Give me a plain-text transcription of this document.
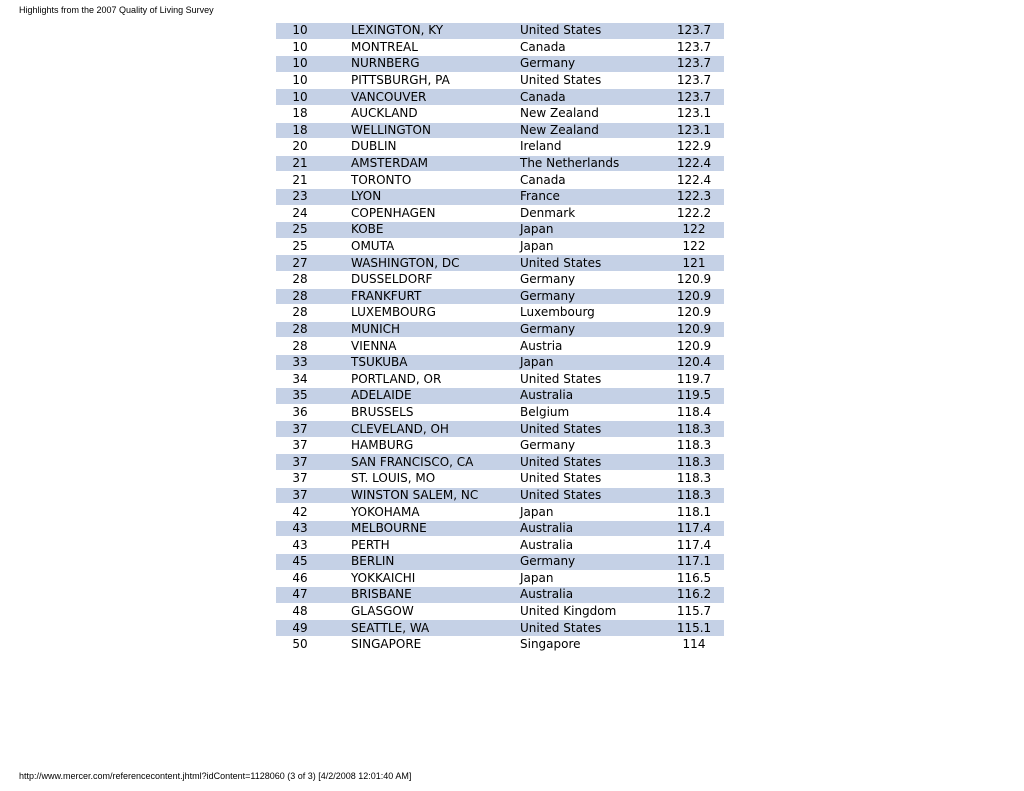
Highlights from the 2007 Quality of Living Survey
10	LEXINGTON, KY	United States	123.7
10	MONTREAL	Canada	123.7
10	NURNBERG	Germany	123.7
10	PITTSBURGH, PA	United States	123.7
10	VANCOUVER	Canada	123.7
18	AUCKLAND	New Zealand	123.1
18	WELLINGTON	New Zealand	123.1
20	DUBLIN	Ireland	122.9
21	AMSTERDAM	The Netherlands	122.4
21	TORONTO	Canada	122.4
23	LYON	France	122.3
24	COPENHAGEN	Denmark	122.2
25	KOBE	Japan	122
25	OMUTA	Japan	122
27	WASHINGTON, DC	United States	121
28	DUSSELDORF	Germany	120.9
28	FRANKFURT	Germany	120.9
28	LUXEMBOURG	Luxembourg	120.9
28	MUNICH	Germany	120.9
28	VIENNA	Austria	120.9
33	TSUKUBA	Japan	120.4
34	PORTLAND, OR	United States	119.7
35	ADELAIDE	Australia	119.5
36	BRUSSELS	Belgium	118.4
37	CLEVELAND, OH	United States	118.3
37	HAMBURG	Germany	118.3
37	SAN FRANCISCO, CA	United States	118.3
37	ST. LOUIS, MO	United States	118.3
37	WINSTON SALEM, NC	United States	118.3
42	YOKOHAMA	Japan	118.1
43	MELBOURNE	Australia	117.4
43	PERTH	Australia	117.4
45	BERLIN	Germany	117.1
46	YOKKAICHI	Japan	116.5
47	BRISBANE	Australia	116.2
48	GLASGOW	United Kingdom	115.7
49	SEATTLE, WA	United States	115.1
50	SINGAPORE	Singapore	114
http://www.mercer.com/referencecontent.jhtml?idContent=1128060 (3 of 3) [4/2/2008 12:01:40 AM]
